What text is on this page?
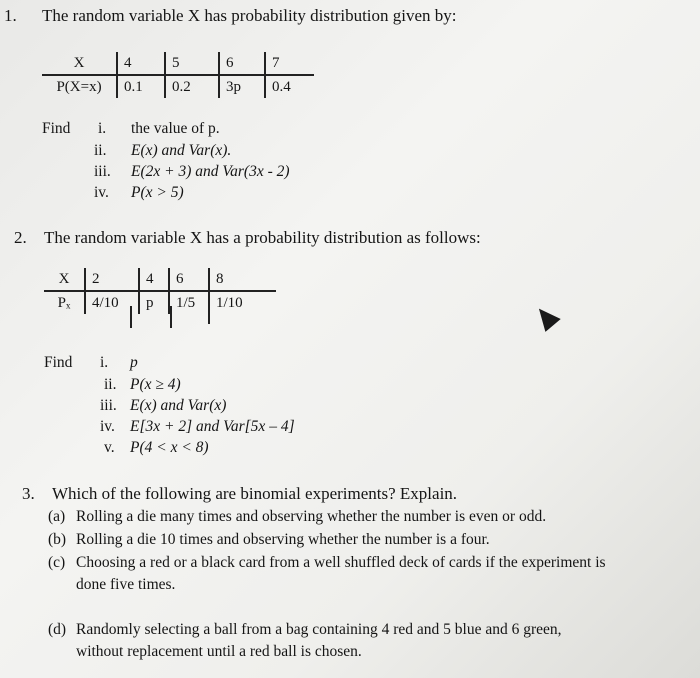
1. The random variable X has probability distribution given by:
X	4	5	6	7
P(X=x)	0.1	0.2	3p	0.4
Find i. the value of p.
ii. E(x) and Var(x).
iii. E(2x + 3) and Var(3x - 2)
iv. P(x > 5)
2. The random variable X has a probability distribution as follows:
X	2	4	6	8
Pₓ	4/10	p	1/5	1/10
Find i. p
ii. P(x ≥ 4)
iii. E(x) and Var(x)
iv. E[3x + 2] and Var[5x – 4]
v. P(4 < x < 8)
3. Which of the following are binomial experiments? Explain.
(a) Rolling a die many times and observing whether the number is even or odd.
(b) Rolling a die 10 times and observing whether the number is a four.
(c) Choosing a red or a black card from a well shuffled deck of cards if the experiment is
done five times.
(d) Randomly selecting a ball from a bag containing 4 red and 5 blue and 6 green,
without replacement until a red ball is chosen.
